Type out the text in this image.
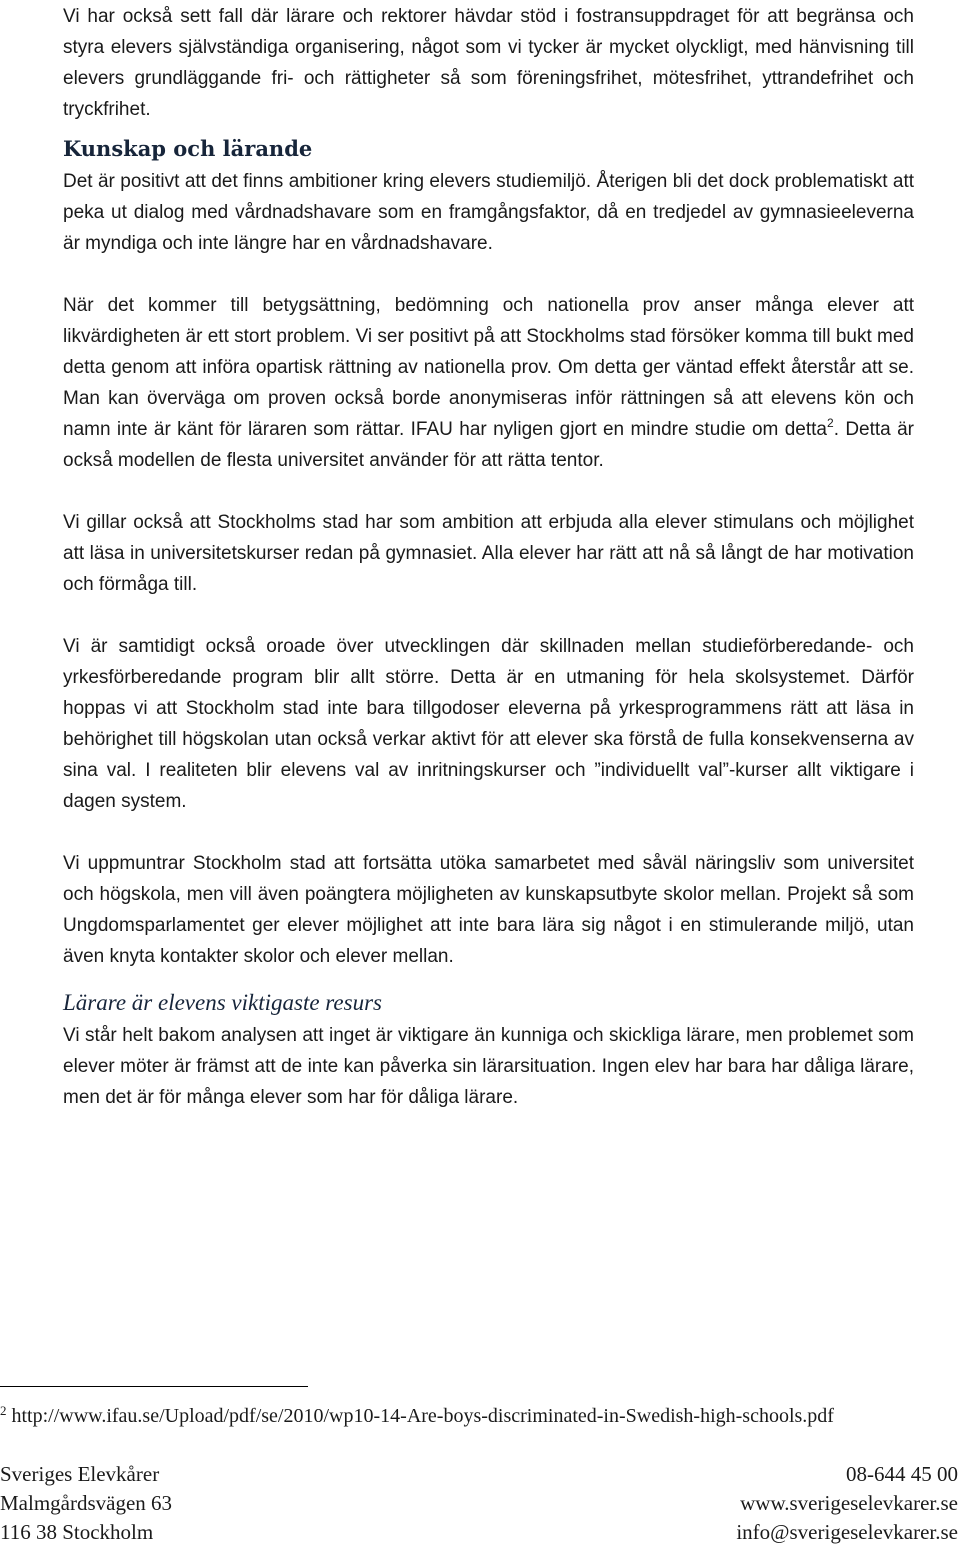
Vi har också sett fall där lärare och rektorer hävdar stöd i fostransuppdraget för att begränsa och styra elevers självständiga organisering, något som vi tycker är mycket olyckligt, med hänvisning till elevers grundläggande fri- och rättigheter så som föreningsfrihet, mötesfrihet, yttrandefrihet och tryckfrihet.

Kunskap och lärande

Det är positivt att det finns ambitioner kring elevers studiemiljö. Återigen bli det dock problematiskt att peka ut dialog med vårdnadshavare som en framgångsfaktor, då en tredjedel av gymnasieeleverna är myndiga och inte längre har en vårdnadshavare.

När det kommer till betygsättning, bedömning och nationella prov anser många elever att likvärdigheten är ett stort problem. Vi ser positivt på att Stockholms stad försöker komma till bukt med detta genom att införa opartisk rättning av nationella prov. Om detta ger väntad effekt återstår att se. Man kan överväga om proven också borde anonymiseras inför rättningen så att elevens kön och namn inte är känt för läraren som rättar. IFAU har nyligen gjort en mindre studie om detta$^2$. Detta är också modellen de flesta universitet använder för att rätta tentor.

Vi gillar också att Stockholms stad har som ambition att erbjuda alla elever stimulans och möjlighet att läsa in universitetskurser redan på gymnasiet. Alla elever har rätt att nå så långt de har motivation och förmåga till.

Vi är samtidigt också oroade över utvecklingen där skillnaden mellan studieförberedande- och yrkesförberedande program blir allt större. Detta är en utmaning för hela skolsystemet. Därför hoppas vi att Stockholm stad inte bara tillgodoser eleverna på yrkesprogrammens rätt att läsa in behörighet till högskolan utan också verkar aktivt för att elever ska förstå de fulla konsekvenserna av sina val. I realiteten blir elevens val av inritningskurser och ”individuellt val”-kurser allt viktigare i dagen system.

Vi uppmuntrar Stockholm stad att fortsätta utöka samarbetet med såväl näringsliv som universitet och högskola, men vill även poängtera möjligheten av kunskapsutbyte skolor mellan. Projekt så som Ungdomsparlamentet ger elever möjlighet att inte bara lära sig något i en stimulerande miljö, utan även knyta kontakter skolor och elever mellan.

Lärare är elevens viktigaste resurs

Vi står helt bakom analysen att inget är viktigare än kunniga och skickliga lärare, men problemet som elever möter är främst att de inte kan påverka sin lärarsituation. Ingen elev har bara har dåliga lärare, men det är för många elever som har för dåliga lärare.

$^2$ http://www.ifau.se/Upload/pdf/se/2010/wp10-14-Are-boys-discriminated-in-Swedish-high-schools.pdf
Sveriges Elevkårer	08-644 45 00
Malmgårdsvägen 63	www.sverigeselevkarer.se
116 38 Stockholm	info@sverigeselevkarer.se
